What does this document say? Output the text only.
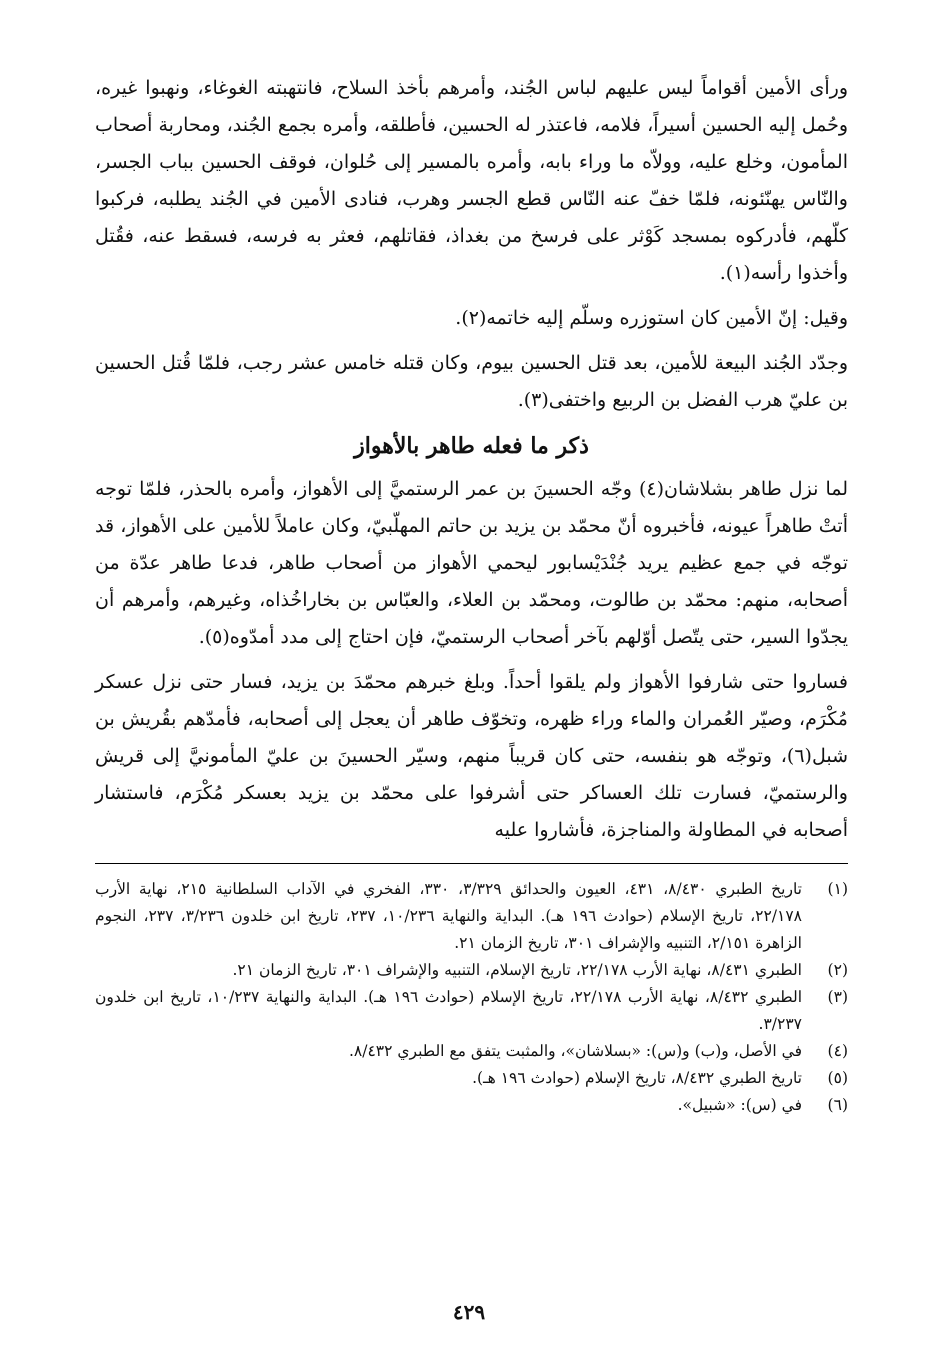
ورأى الأمين أقواماً ليس عليهم لباس الجُند، وأمرهم بأخذ السلاح، فانتهبته الغوغاء، ونهبوا غيره، وحُمل إليه الحسين أسيراً، فلامه، فاعتذر له الحسين، فأطلقه، وأمره بجمع الجُند، ومحاربة أصحاب المأمون، وخلع عليه، وولاّه ما وراء بابه، وأمره بالمسير إلى حُلوان، فوقف الحسين بباب الجسر، والنّاس يهنّئونه، فلمّا خفّ عنه النّاس قطع الجسر وهرب، فنادى الأمين في الجُند يطلبه، فركبوا كلّهم، فأدركوه بمسجد كَوْثر على فرسخ من بغداذ، فقاتلهم، فعثر به فرسه، فسقط عنه، فقُتل وأخذوا رأسه(١).

وقيل: إنّ الأمين كان استوزره وسلّم إليه خاتمه(٢).

وجدّد الجُند البيعة للأمين، بعد قتل الحسين بيوم، وكان قتله خامس عشر رجب، فلمّا قُتل الحسين بن عليّ هرب الفضل بن الربيع واختفى(٣).

ذكر ما فعله طاهر بالأهواز

لما نزل طاهر بشلاشان(٤) وجّه الحسينَ بن عمر الرستميَّ إلى الأهواز، وأمره بالحذر، فلمّا توجه أتتْ طاهراً عيونه، فأخبروه أنّ محمّد بن يزيد بن حاتم المهلّبيّ، وكان عاملاً للأمين على الأهواز، قد توجّه في جمع عظيم يريد جُنْدَيْسابور ليحمي الأهواز من أصحاب طاهر، فدعا طاهر عدّة من أصحابه، منهم: محمّد بن طالوت، ومحمّد بن العلاء، والعبّاس بن بخاراخُذاه، وغيرهم، وأمرهم أن يجدّوا السير، حتى يتّصل أوّلهم بآخر أصحاب الرستميّ، فإن احتاج إلى مدد أمدّوه(٥).

فساروا حتى شارفوا الأهواز ولم يلقوا أحداً. وبلغ خبرهم محمّدَ بن يزيد، فسار حتى نزل عسكر مُكْرَم، وصيّر العُمران والماء وراء ظهره، وتخوّف طاهر أن يعجل إلى أصحابه، فأمدّهم بقُريش بن شبل(٦)، وتوجّه هو بنفسه، حتى كان قريباً منهم، وسيّر الحسينَ بن عليّ المأمونيَّ إلى قريش والرستميّ، فسارت تلك العساكر حتى أشرفوا على محمّد بن يزيد بعسكر مُكْرَم، فاستشار أصحابه في المطاولة والمناجزة، فأشاروا عليه

(١)
تاريخ الطبري ٨/٤٣٠، ٤٣١، العيون والحدائق ٣/٣٢٩، ٣٣٠، الفخري في الآداب السلطانية ٢١٥، نهاية الأرب ٢٢/١٧٨، تاريخ الإسلام (حوادث ١٩٦ هـ). البداية والنهاية ١٠/٢٣٦، ٢٣٧، تاريخ ابن خلدون ٣/٢٣٦، ٢٣٧، النجوم الزاهرة ٢/١٥١، التنبيه والإشراف ٣٠١، تاريخ الزمان ٢١.
(٢)
الطبري ٨/٤٣١، نهاية الأرب ٢٢/١٧٨، تاريخ الإسلام، التنبيه والإشراف ٣٠١، تاريخ الزمان ٢١.
(٣)
الطبري ٨/٤٣٢، نهاية الأرب ٢٢/١٧٨، تاريخ الإسلام (حوادث ١٩٦ هـ). البداية والنهاية ١٠/٢٣٧، تاريخ ابن خلدون ٣/٢٣٧.
(٤)
في الأصل، و(ب) و(س): «بسلاشان»، والمثبت يتفق مع الطبري ٨/٤٣٢.
(٥)
تاريخ الطبري ٨/٤٣٢، تاريخ الإسلام (حوادث ١٩٦ هـ).
(٦)
في (س): «شبيل».
٤٢٩
